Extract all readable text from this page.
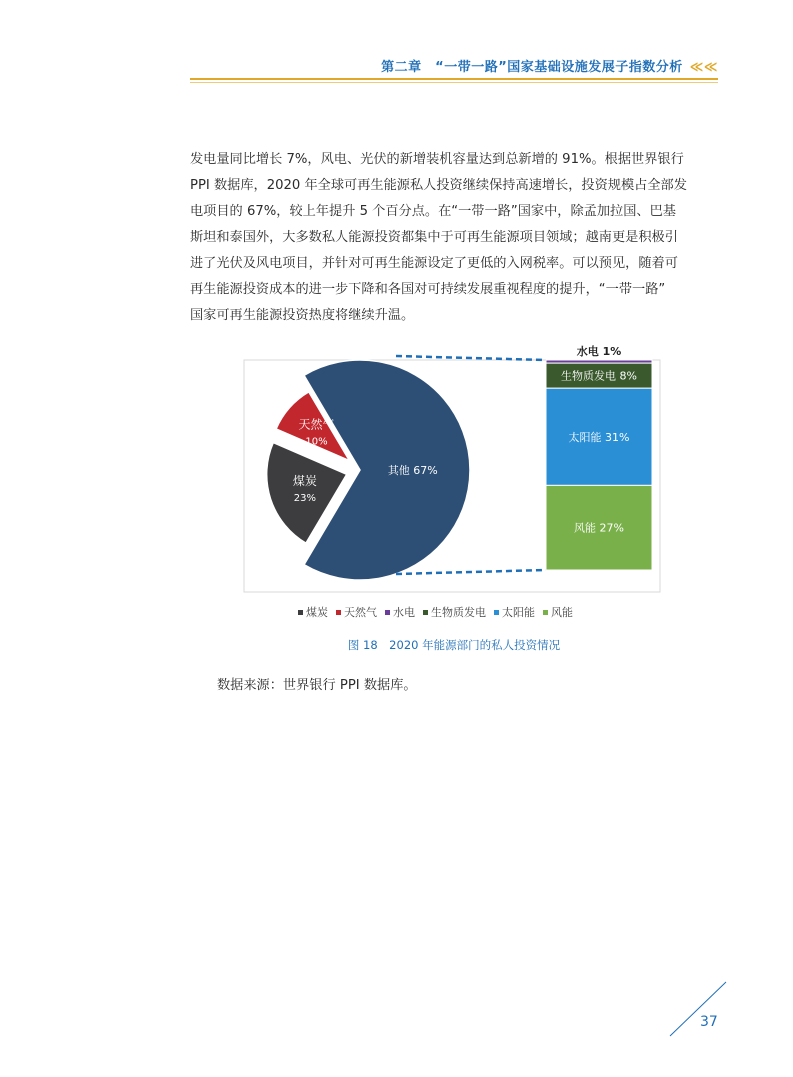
第二章　“一带一路”国家基础设施发展子指数分析 ≪≪
发电量同比增长 7%，风电、光伏的新增装机容量达到总新增的 91%。根据世界银行
PPI 数据库，2020 年全球可再生能源私人投资继续保持高速增长，投资规模占全部发
电项目的 67%，较上年提升 5 个百分点。在“一带一路”国家中，除孟加拉国、巴基
斯坦和泰国外，大多数私人能源投资都集中于可再生能源项目领域；越南更是积极引
进了光伏及风电项目，并针对可再生能源设定了更低的入网税率。可以预见，随着可
再生能源投资成本的进一步下降和各国对可持续发展重视程度的提升，“一带一路”
国家可再生能源投资热度将继续升温。
其他 67%
煤炭
23%
天然气
10%
水电 1%
生物质发电 8%
太阳能 31%
风能 27%
煤炭 天然气 水电 生物质发电 太阳能 风能
图 18　2020 年能源部门的私人投资情况
数据来源：世界银行 PPI 数据库。
37
